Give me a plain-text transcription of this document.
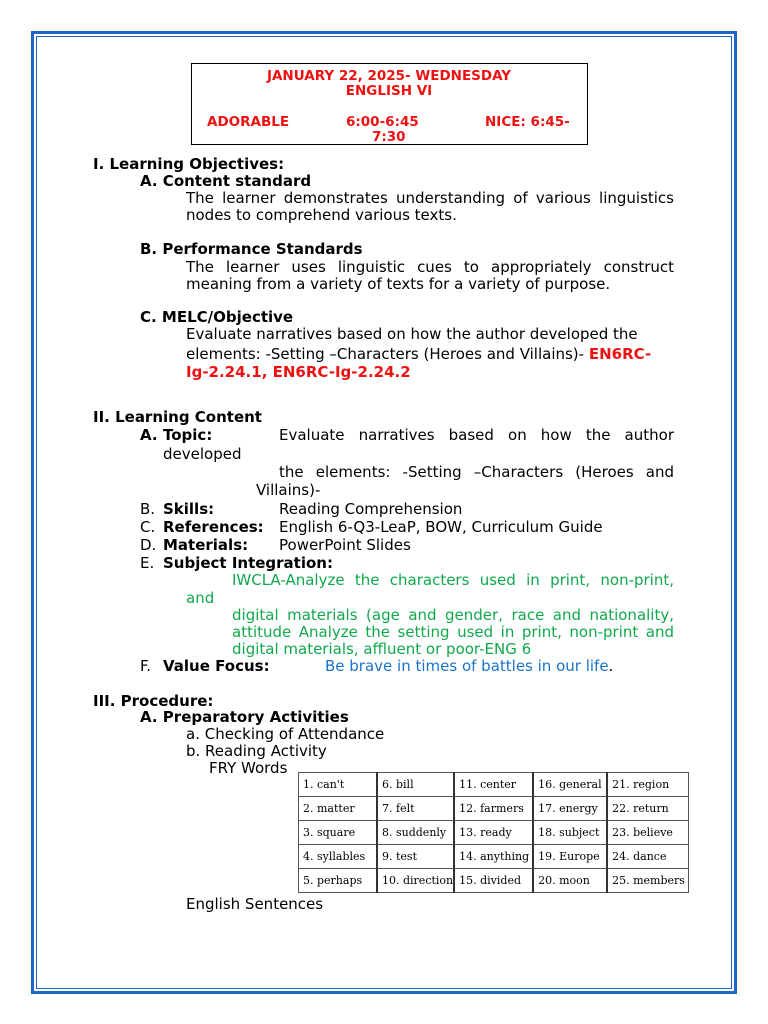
JANUARY 22, 2025- WEDNESDAY
ENGLISH VI
ADORABLE	6:00-6:45
7:30
NICE: 6:45-
I. Learning Objectives:
A. Content standard
The learner demonstrates understanding of various linguistics
nodes to comprehend various texts.
B. Performance Standards
The learner uses linguistic cues to appropriately construct
meaning from a variety of texts for a variety of purpose.
C. MELC/Objective
Evaluate narratives based on how the author developed the
elements: -Setting –Characters (Heroes and Villains)- EN6RC-
Ig-2.24.1, EN6RC-Ig-2.24.2
II. Learning Content
A. Topic:	Evaluate narratives based on how the author
developed
the elements: -Setting –Characters (Heroes and
Villains)-
B. Skills:	Reading Comprehension
C. References: English 6-Q3-LeaP, BOW, Curriculum Guide
D. Materials: PowerPoint Slides
E. Subject Integration:
IWCLA-Analyze the characters used in print, non-print,
and
digital materials (age and gender, race and nationality,
attitude Analyze the setting used in print, non-print and
digital materials, affluent or poor-ENG 6
F. Value Focus:	Be brave in times of battles in our life.
III. Procedure:
A. Preparatory Activities
a. Checking of Attendance
b. Reading Activity
FRY Words
1. can't	6. bill	11. center	16. general	21. region
2. matter	7. felt	12. farmers	17. energy	22. return
3. square	8. suddenly	13. ready	18. subject	23. believe
4. syllables	9. test	14. anything	19. Europe	24. dance
5. perhaps	10. direction	15. divided	20. moon	25. members
English Sentences
